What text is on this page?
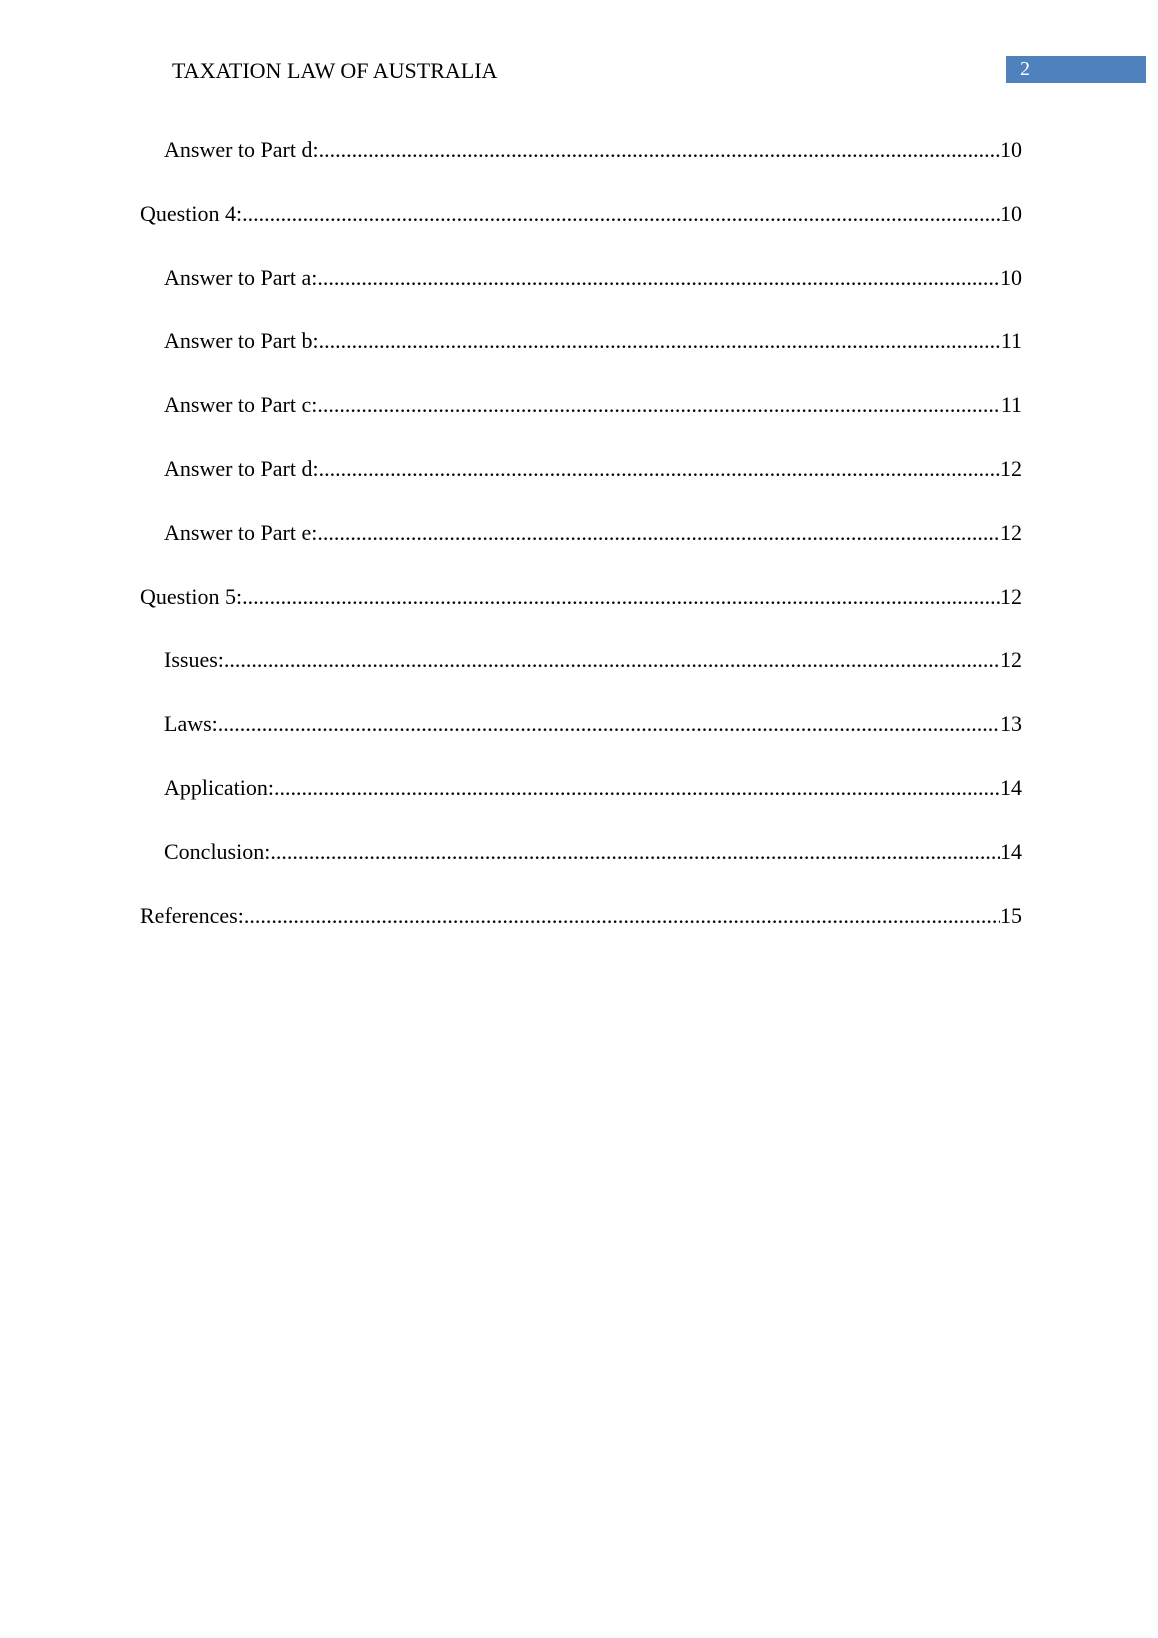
TAXATION LAW OF AUSTRALIA	2
Answer to Part d: .....	10
Question 4: .....	10
Answer to Part a: .....	10
Answer to Part b: .....	11
Answer to Part c: .....	11
Answer to Part d: .....	12
Answer to Part e: .....	12
Question 5: .....	12
Issues: .....	12
Laws: .....	13
Application: .....	14
Conclusion: .....	14
References: .....	15
